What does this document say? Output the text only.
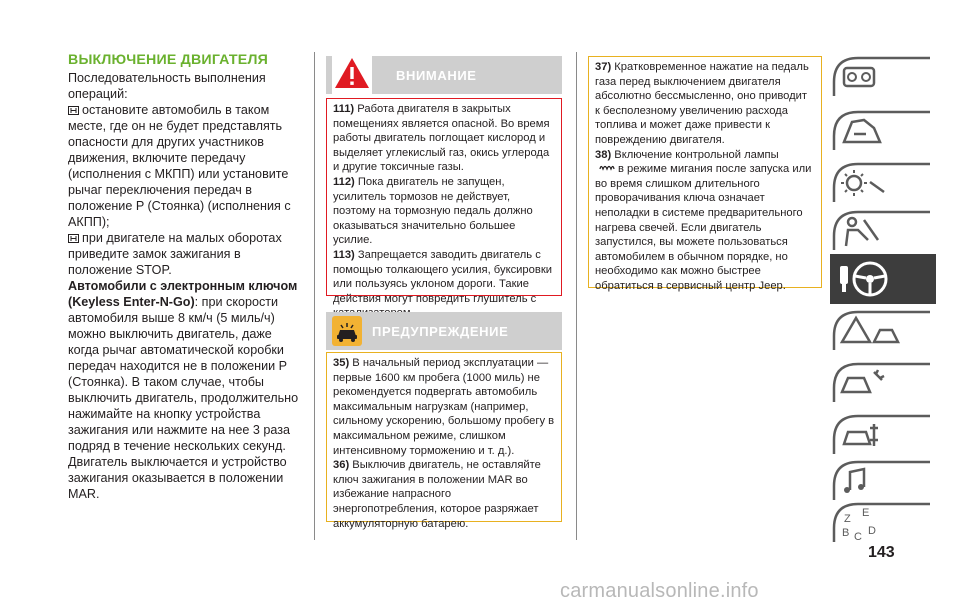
ВЫКЛЮЧЕНИЕ ДВИГАТЕЛЯ

Последовательность выполнения операций:

остановите автомобиль в таком месте, где он не будет представлять опасности для других участников движения, включите передачу (исполнения с МКПП) или установите рычаг переключения передач в положение P (Стоянка) (исполнения с АКПП);

при двигателе на малых оборотах приведите замок зажигания в положение STOP.

Автомобили с электронным ключом (Keyless Enter-N-Go): при скорости автомобиля выше 8 км/ч (5 миль/ч) можно выключить двигатель, даже когда рычаг автоматической коробки передач находится не в положении P (Стоянка). В таком случае, чтобы выключить двигатель, продолжительно нажимайте на кнопку устройства зажигания или нажмите на нее 3 раза подряд в течение нескольких секунд. Двигатель выключается и устройство зажигания оказывается в положении MAR.

ВНИМАНИЕ

111) Работа двигателя в закрытых помещениях является опасной. Во время работы двигатель поглощает кислород и выделяет углекислый газ, окись углерода и другие токсичные газы.

112) Пока двигатель не запущен, усилитель тормозов не действует, поэтому на тормозную педаль должно оказываться значительно большее усилие.

113) Запрещается заводить двигатель с помощью толкающего усилия, буксировки или пользуясь уклоном дороги. Такие действия могут повредить глушитель с

ПРЕДУПРЕЖДЕНИЕ

35) В начальный период эксплуатации — первые 1600 км пробега (1000 миль) не рекомендуется подвергать автомобиль максимальным нагрузкам (например, сильному ускорению, большому пробегу в максимальном режиме, слишком интенсивному торможению и т. д.).

36) Выключив двигатель, не оставляйте ключ зажигания в положении MAR во избежание напрасного энергопотребления, которое разряжает аккумуляторную батарею.

37) Кратковременное нажатие на педаль газа перед выключением двигателя абсолютно бессмысленно, оно приводит к бесполезному увеличению расхода топлива и может даже привести к повреждению двигателя.

38) Включение контрольной лампы

в режиме мигания после запуска или во время слишком длительного проворачивания ключа означает неполадки в системе предварительного нагрева свечей. Если двигатель запустился, вы можете пользоваться автомобилем в обычном порядке, но необходимо как можно быстрее обратиться в сервисный центр Jeep.

Z E
B C D
143
carmanualsonline.info
